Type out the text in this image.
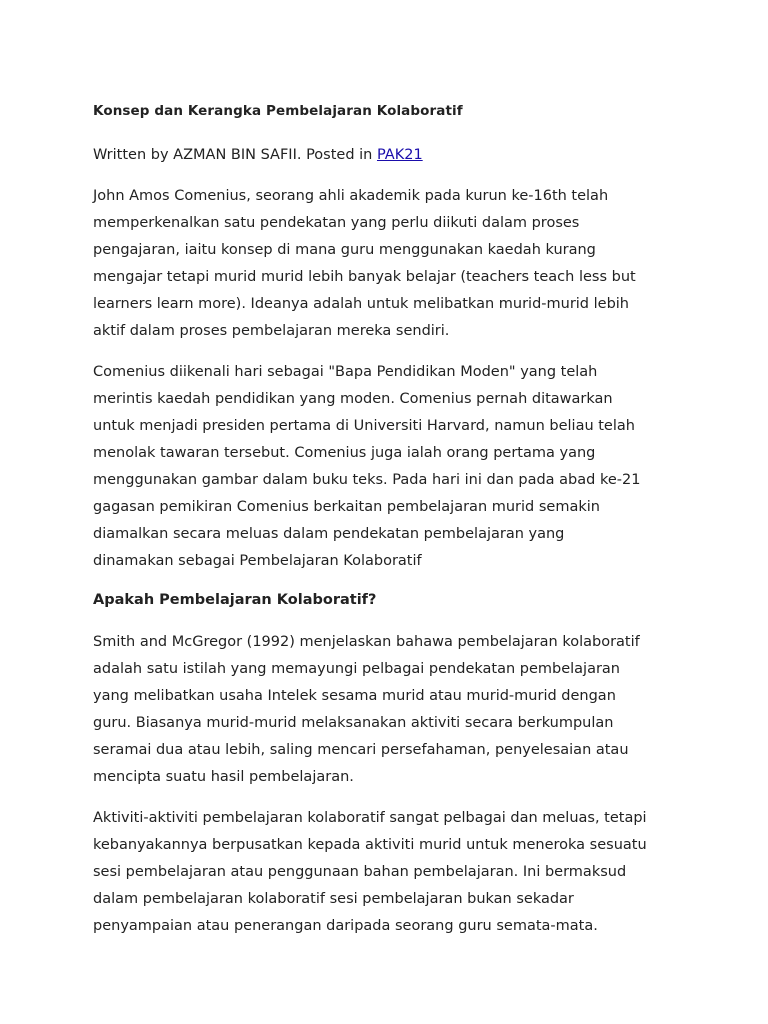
Konsep dan Kerangka Pembelajaran Kolaboratif
Written by AZMAN BIN SAFII. Posted in PAK21
John Amos Comenius, seorang ahli akademik pada kurun ke-16th telah
memperkenalkan satu pendekatan yang perlu diikuti dalam proses
pengajaran, iaitu konsep di mana guru menggunakan kaedah kurang
mengajar tetapi murid murid lebih banyak belajar (teachers teach less but
learners learn more). Ideanya adalah untuk melibatkan murid-murid lebih
aktif dalam proses pembelajaran mereka sendiri.
Comenius diikenali hari sebagai "Bapa Pendidikan Moden" yang telah
merintis kaedah pendidikan yang moden. Comenius pernah ditawarkan
untuk menjadi presiden pertama di Universiti Harvard, namun beliau telah
menolak tawaran tersebut. Comenius juga ialah orang pertama yang
menggunakan gambar dalam buku teks. Pada hari ini dan pada abad ke-21
gagasan pemikiran Comenius berkaitan pembelajaran murid semakin
diamalkan secara meluas dalam pendekatan pembelajaran yang
dinamakan sebagai Pembelajaran Kolaboratif
Apakah Pembelajaran Kolaboratif?
Smith and McGregor (1992) menjelaskan bahawa pembelajaran kolaboratif
adalah satu istilah yang memayungi pelbagai pendekatan pembelajaran
yang melibatkan usaha Intelek sesama murid atau murid-murid dengan
guru. Biasanya murid-murid melaksanakan aktiviti secara berkumpulan
seramai dua atau lebih, saling mencari persefahaman, penyelesaian atau
mencipta suatu hasil pembelajaran.
Aktiviti-aktiviti pembelajaran kolaboratif sangat pelbagai dan meluas, tetapi
kebanyakannya berpusatkan kepada aktiviti murid untuk meneroka sesuatu
sesi pembelajaran atau penggunaan bahan pembelajaran. Ini bermaksud
dalam pembelajaran kolaboratif sesi pembelajaran bukan sekadar
penyampaian atau penerangan daripada seorang guru semata-mata.
